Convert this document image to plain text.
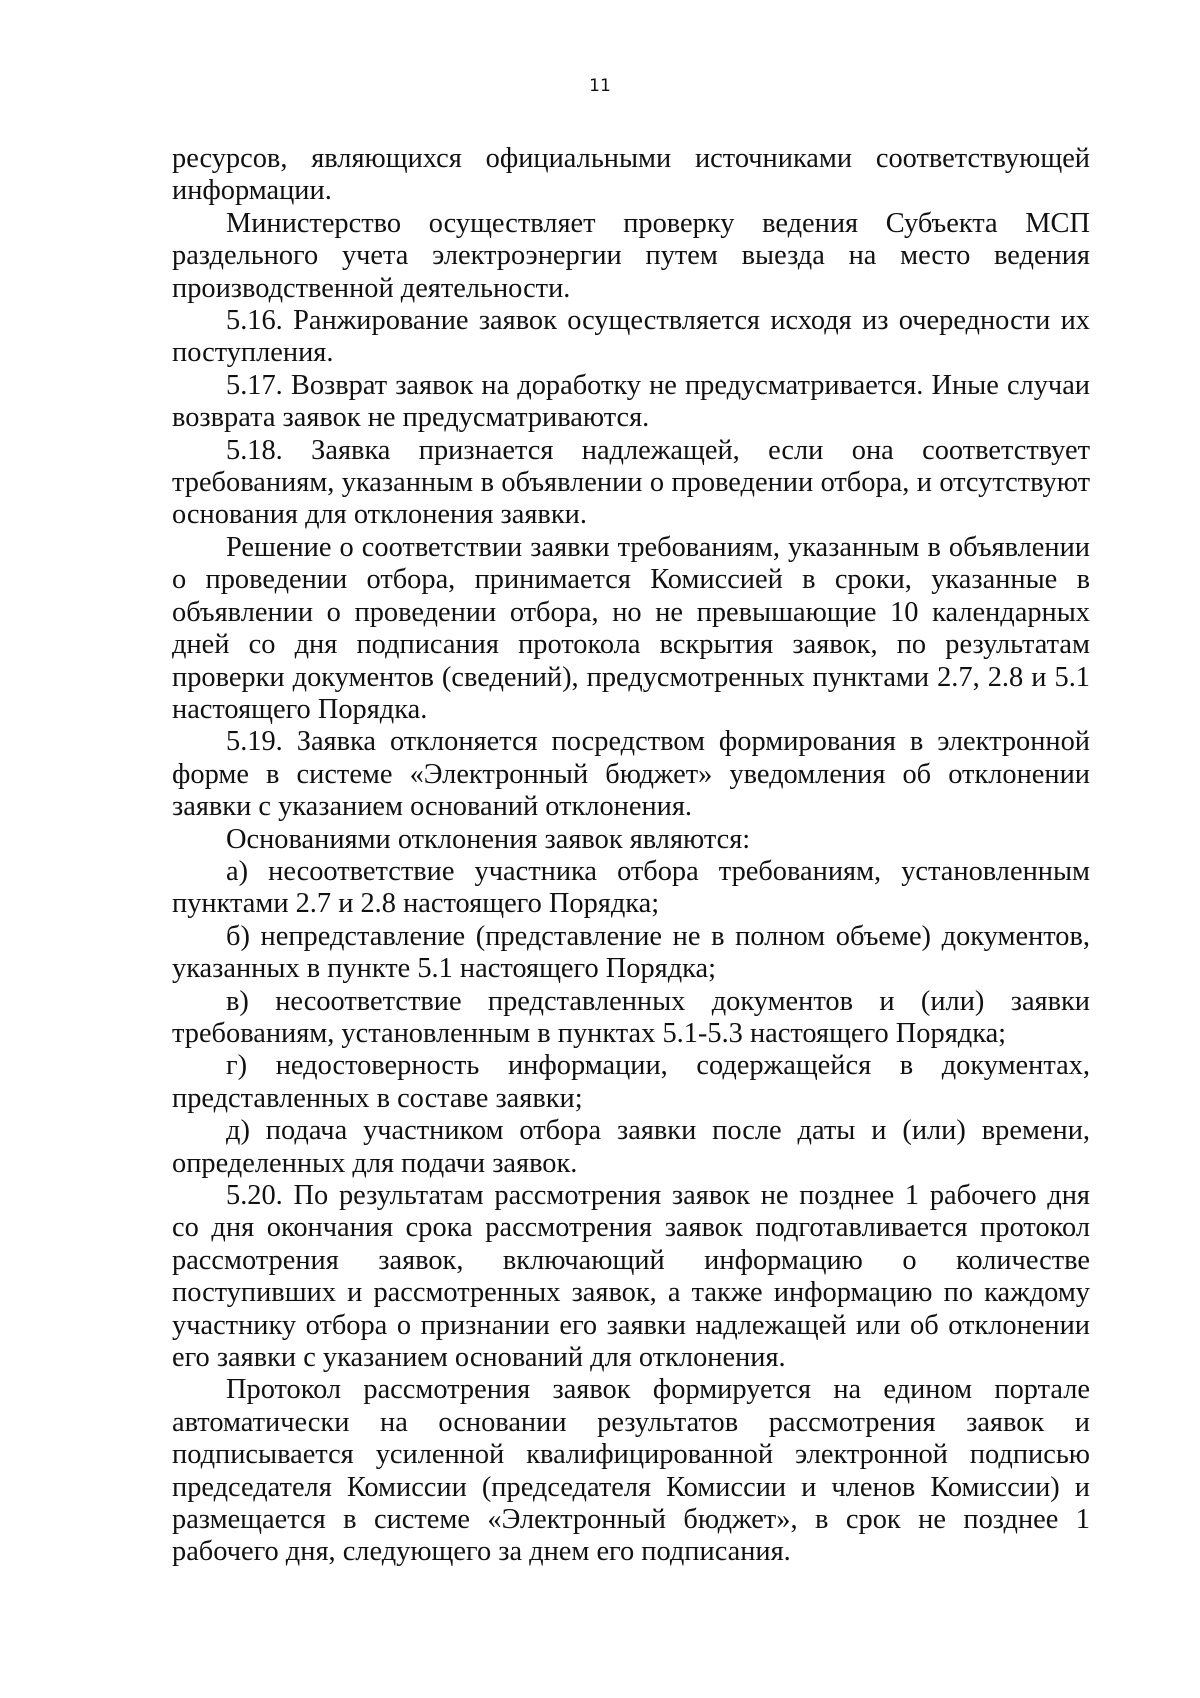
11

ресурсов, являющихся официальными источниками соответствующей информации.

Министерство осуществляет проверку ведения Субъекта МСП раздельного учета электроэнергии путем выезда на место ведения производственной деятельности.

5.16. Ранжирование заявок осуществляется исходя из очередности их поступления.

5.17. Возврат заявок на доработку не предусматривается. Иные случаи возврата заявок не предусматриваются.

5.18. Заявка признается надлежащей, если она соответствует требованиям, указанным в объявлении о проведении отбора, и отсутствуют основания для отклонения заявки.

Решение о соответствии заявки требованиям, указанным в объявлении о проведении отбора, принимается Комиссией в сроки, указанные в объявлении о проведении отбора, но не превышающие 10 календарных дней со дня подписания протокола вскрытия заявок, по результатам проверки документов (сведений), предусмотренных пунктами 2.7, 2.8 и 5.1 настоящего Порядка.

5.19. Заявка отклоняется посредством формирования в электронной форме в системе «Электронный бюджет» уведомления об отклонении заявки с указанием оснований отклонения.

Основаниями отклонения заявок являются:

а) несоответствие участника отбора требованиям, установленным пунктами 2.7 и 2.8 настоящего Порядка;

б) непредставление (представление не в полном объеме) документов, указанных в пункте 5.1 настоящего Порядка;

в) несоответствие представленных документов и (или) заявки требованиям, установленным в пунктах 5.1-5.3 настоящего Порядка;

г) недостоверность информации, содержащейся в документах, представленных в составе заявки;

д) подача участником отбора заявки после даты и (или) времени, определенных для подачи заявок.

5.20. По результатам рассмотрения заявок не позднее 1 рабочего дня со дня окончания срока рассмотрения заявок подготавливается протокол рассмотрения заявок, включающий информацию о количестве поступивших и рассмотренных заявок, а также информацию по каждому участнику отбора о признании его заявки надлежащей или об отклонении его заявки с указанием оснований для отклонения.

Протокол рассмотрения заявок формируется на едином портале автоматически на основании результатов рассмотрения заявок и подписывается усиленной квалифицированной электронной подписью председателя Комиссии (председателя Комиссии и членов Комиссии) и размещается в системе «Электронный бюджет», в срок не позднее 1 рабочего дня, следующего за днем его подписания.
